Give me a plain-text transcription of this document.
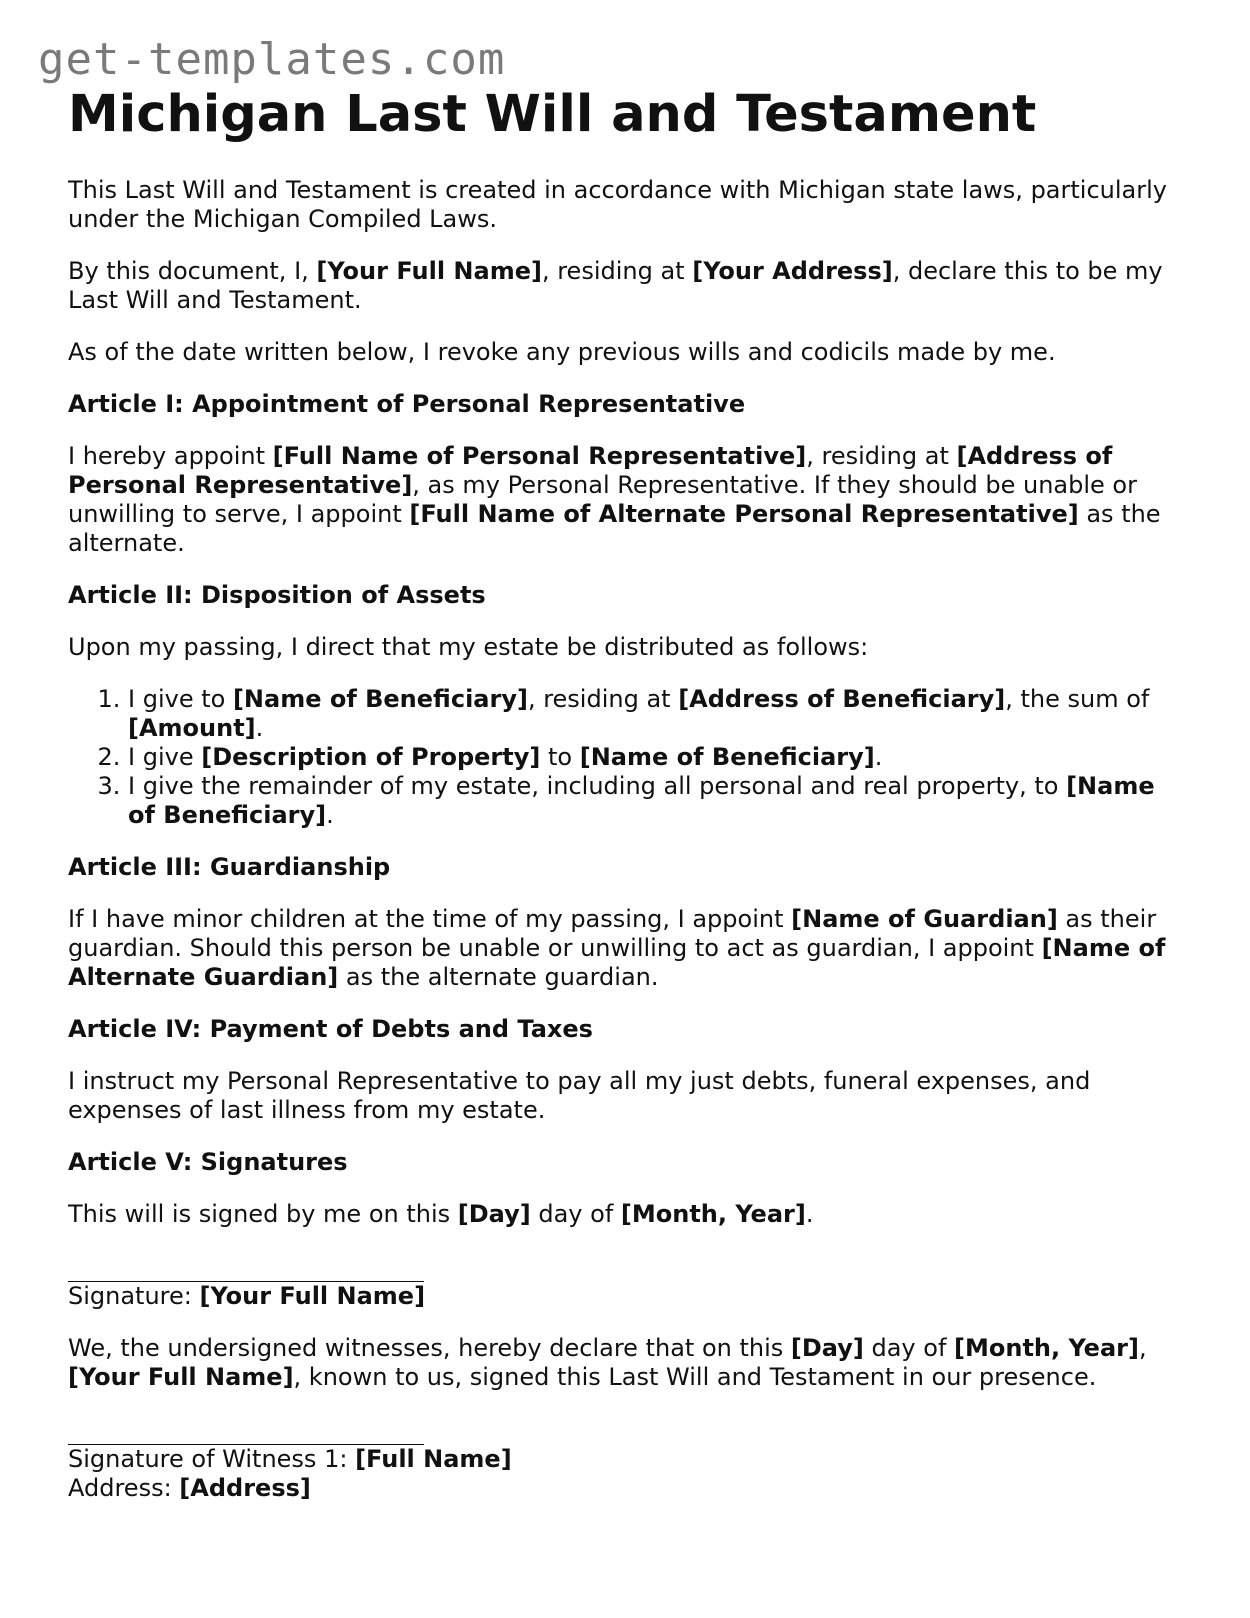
get-templates.com
Michigan Last Will and Testament

This Last Will and Testament is created in accordance with Michigan state laws, particularly under the Michigan Compiled Laws.

By this document, I, [Your Full Name], residing at [Your Address], declare this to be my Last Will and Testament.

As of the date written below, I revoke any previous wills and codicils made by me.

Article I: Appointment of Personal Representative

I hereby appoint [Full Name of Personal Representative], residing at [Address of Personal Representative], as my Personal Representative. If they should be unable or unwilling to serve, I appoint [Full Name of Alternate Personal Representative] as the alternate.

Article II: Disposition of Assets

Upon my passing, I direct that my estate be distributed as follows:

1. I give to [Name of Beneficiary], residing at [Address of Beneficiary], the sum of [Amount].
2. I give [Description of Property] to [Name of Beneficiary].
3. I give the remainder of my estate, including all personal and real property, to [Name of Beneficiary].
Article III: Guardianship

If I have minor children at the time of my passing, I appoint [Name of Guardian] as their guardian. Should this person be unable or unwilling to act as guardian, I appoint [Name of Alternate Guardian] as the alternate guardian.

Article IV: Payment of Debts and Taxes

I instruct my Personal Representative to pay all my just debts, funeral expenses, and expenses of last illness from my estate.

Article V: Signatures

This will is signed by me on this [Day] day of [Month, Year].

Signature: [Your Full Name]

We, the undersigned witnesses, hereby declare that on this [Day] day of [Month, Year], [Your Full Name], known to us, signed this Last Will and Testament in our presence.

Signature of Witness 1: [Full Name]
Address: [Address]
